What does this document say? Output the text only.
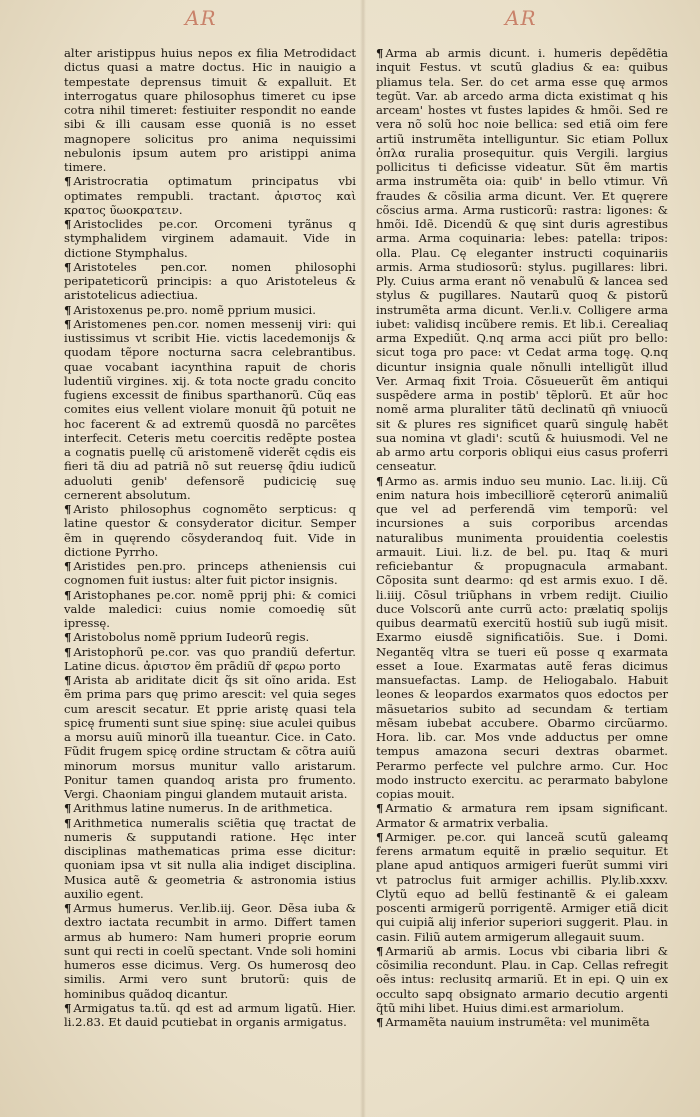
AR	AR
alter aristippus huius nepos ex filia Metrodidact dictus quasi a matre doctus. Hic in nauigio a tempestate deprensus timuit & expalluit. Et interrogatus quare philosophus timeret cu ipse cotra nihil timeret: festiuiter respondit no eande sibi & illi causam esse quoniã is no esset magnopere solicitus pro anima nequissimi nebulonis ipsum autem pro aristippi anima timere.
¶ Aristrocratia optimatum principatus vbi optimates rempubli. tractant. ἀριστος καὶ κρατος υ̃ωοκρατειν.
¶ Aristoclides pe.cor. Orcomeni tyrãnus q stymphalidem virginem adamauit. Vide in dictione Stymphalus.
¶ Aristoteles pen.cor. nomen philosophi peripateticorũ principis: a quo Aristoteleus & aristotelicus adiectiua.
¶ Aristoxenus pe.pro. nomẽ pprium musici.
¶ Aristomenes pen.cor. nomen messenij viri: qui iustissimus vt scribit Hie. victis lacedemonijs & quodam tẽpore nocturna sacra celebrantibus. quae vocabant iacynthina rapuit de choris ludentiũ virgines. xij. & tota nocte gradu concito fugiens excessit de finibus sparthanorũ. Cũq eas comites eius vellent violare monuit q̃ũ potuit ne hoc facerent & ad extremũ quosdã no parcẽtes interfecit. Ceteris metu coercitis redẽpte postea a cognatis puellę cũ aristomenẽ viderẽt cędis eis fieri tã diu ad patriã nõ sut reuersę q̃diu iudicũ aduoluti genib' defensorẽ pudicicię suę cernerent absolutum.
¶ Aristo philosophus cognomẽto serpticus: q latine questor & consyderator dicitur. Semper ẽm in quęrendo cõsyderandoq fuit. Vide in dictione Pyrrho.
¶ Aristides pen.pro. princeps atheniensis cui cognomen fuit iustus: alter fuit pictor insignis.
¶ Aristophanes pe.cor. nomẽ pprij phi: & comici valde maledici: cuius nomie comoedię sũt ipressę.
¶ Aristobolus nomẽ pprium Iudeorũ regis.
¶ Aristophorũ pe.cor. vas quo prandiũ defertur. Latine dicus. ἀριστον ẽm prãdiũ dr̃ φερω porto
¶ Arista ab ariditate dicit q̃s sit oĩno arida. Est ẽm prima pars quę primo arescit: vel quia seges cum arescit secatur. Et pprie aristę quasi tela spicę frumenti sunt siue spinę: siue aculei quibus a morsu auiũ minorũ illa tueantur. Cice. in Cato. Fũdit frugem spicę ordine structam & cõtra auiũ minorum morsus munitur vallo aristarum. Ponitur tamen quandoq arista pro frumento. Vergi. Chaoniam pingui glandem mutauit arista.
¶ Arithmus latine numerus. In de arithmetica.
¶ Arithmetica numeralis sciẽtia quę tractat de numeris & supputandi ratione. Hęc inter disciplinas mathematicas prima esse dicitur: quoniam ipsa vt sit nulla alia indiget disciplina. Musica autẽ & geometria & astronomia istius auxilio egent.
¶ Armus humerus. Ver.lib.iij. Geor. Dẽsa iuba & dextro iactata recumbit in armo. Differt tamen armus ab humero: Nam humeri proprie eorum sunt qui recti in coelũ spectant. Vnde soli homini humeros esse dicimus. Verg. Os humerosq deo similis. Armi vero sunt brutorũ: quis de hominibus quãdoq dicantur.
¶ Armigatus ta.tũ. qd est ad armum ligatũ. Hier. li.2.83. Et dauid pcutiebat in organis armigatus.
¶ Arma ab armis dicunt. i. humeris depẽdẽtia inquit Festus. vt scutũ gladius & ea: quibus pliamus tela. Ser. do cet arma esse quę armos tegũt. Var. ab arcedo arma dicta existimat q his arceam' hostes vt fustes lapides & hmõi. Sed re vera nõ solũ hoc noie bellica: sed etiã oim fere artiũ instrumẽta intelliguntur. Sic etiam Pollux ὁπλα ruralia prosequitur. quis Vergili. largius pollicitus ti deficisse videatur. Sũt ẽm martis arma instrumẽta oia: quib' in bello vtimur. Vñ fraudes & cõsilia arma dicunt. Ver. Et quęrere cõscius arma. Arma rusticorũ: rastra: ligones: & hmõi. Idẽ. Dicendũ & quę sint duris agrestibus arma. Arma coquinaria: lebes: patella: tripos: olla. Plau. Cę eleganter instructi coquinariis armis. Arma studiosorũ: stylus. pugillares: libri. Ply. Cuius arma erant nõ venabulũ & lancea sed stylus & pugillares. Nautarũ quoq & pistorũ instrumẽta arma dicunt. Ver.li.v. Colligere arma iubet: validisq incũbere remis. Et lib.i. Cerealiaq arma Expediũt. Q.nq arma acci piũt pro bello: sicut toga pro pace: vt Cedat arma togę. Q.nq dicuntur insignia quale nõnulli intelligũt illud Ver. Armaq fixit Troia. Cõsueuerũt ẽm antiqui suspẽdere arma in postib' tẽplorũ. Et aũr hoc nomẽ arma pluraliter tãtũ declinatũ qñ vniuocũ sit & plures res significet quarũ singulę habẽt sua nomina vt gladi': scutũ & huiusmodi. Vel ne ab armo artu corporis obliqui eius casus proferri censeatur.
¶ Armo as. armis induo seu munio. Lac. li.iij. Cũ enim natura hois imbecilliorẽ cęterorũ animaliũ que vel ad perferendã vim temporũ: vel incursiones a suis corporibus arcendas naturalibus munimenta prouidentia coelestis armauit. Liui. li.z. de bel. pu. Itaq & muri reficiebantur & propugnacula armabant. Cõposita sunt dearmo: qd est armis exuo. I dẽ. li.iiij. Cõsul triũphans in vrbem redijt. Ciuilio duce Volscorũ ante currũ acto: prælatiq spolijs quibus dearmatũ exercitũ hostiũ sub iugũ misit. Exarmo eiusdẽ significatiõis. Sue. i Domi. Negantẽq vltra se tueri eũ posse q exarmata esset a Ioue. Exarmatas autẽ feras dicimus mansuefactas. Lamp. de Heliogabalo. Habuit leones & leopardos exarmatos quos edoctos per mãsuetarios subito ad secundam & tertiam mẽsam iubebat accubere. Obarmo circũarmo. Hora. lib. car. Mos vnde adductus per omne tempus amazona securi dextras obarmet. Perarmo perfecte vel pulchre armo. Cur. Hoc modo instructo exercitu. ac perarmato babylone copias mouit.
¶ Armatio & armatura rem ipsam significant. Armator & armatrix verbalia.
¶ Armiger. pe.cor. qui lanceã scutũ galeamq ferens armatum equitẽ in prælio sequitur. Et plane apud antiquos armigeri fuerũt summi viri vt patroclus fuit armiger achillis. Ply.lib.xxxv. Clytũ equo ad bellũ festinantẽ & ei galeam poscenti armigerũ porrigentẽ. Armiger etiã dicit qui cuipiã alij inferior superiori suggerit. Plau. in casin. Filiũ autem armigerum allegauit suum.
¶ Armariũ ab armis. Locus vbi cibaria libri & cõsimilia recondunt. Plau. in Cap. Cellas refregit oẽs intus: reclusitq armariũ. Et in epi. Q uin ex occulto sapq obsignato armario decutio argenti q̃tũ mihi libet. Huius dimi.est armariolum.
¶ Armamẽta nauium instrumẽta: vel munimẽta
